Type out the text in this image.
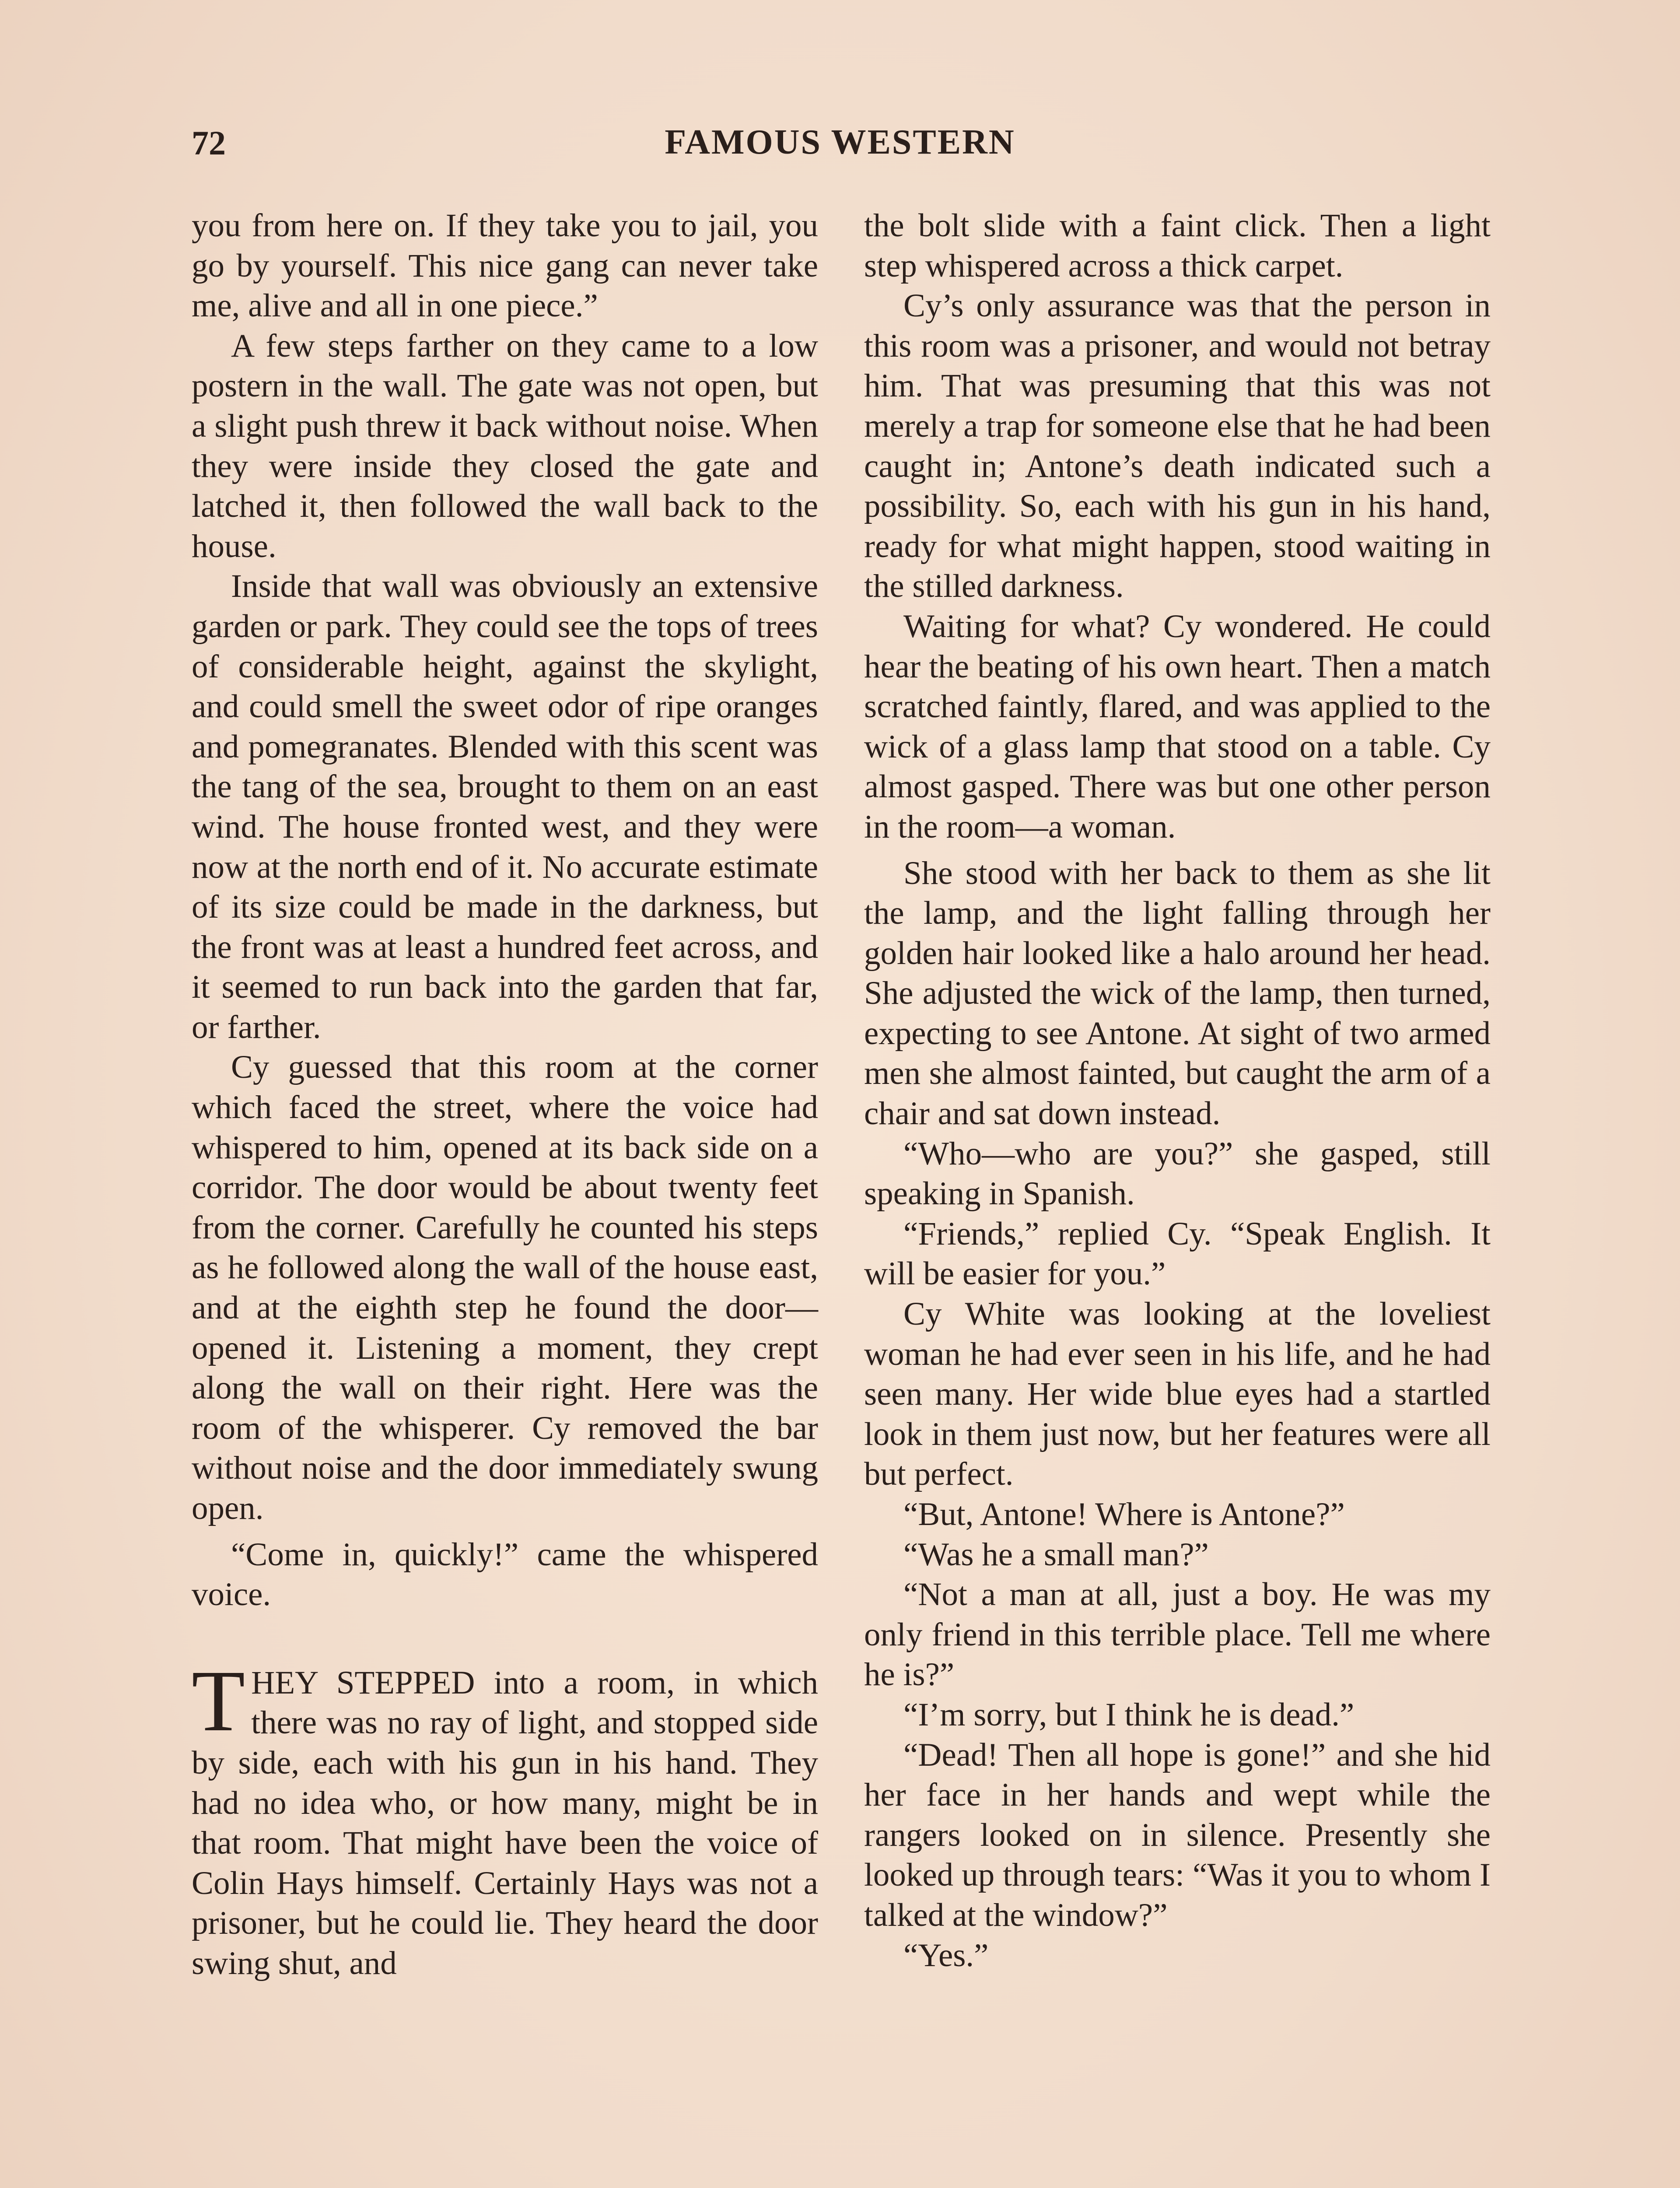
72	FAMOUS WESTERN

you from here on. If they take you to jail, you go by yourself. This nice gang can never take me, alive and all in one piece.”

A few steps farther on they came to a low postern in the wall. The gate was not open, but a slight push threw it back without noise. When they were inside they closed the gate and latched it, then followed the wall back to the house.

Inside that wall was obviously an extensive garden or park. They could see the tops of trees of considerable height, against the skylight, and could smell the sweet odor of ripe oranges and pomegranates. Blended with this scent was the tang of the sea, brought to them on an east wind. The house fronted west, and they were now at the north end of it. No accurate estimate of its size could be made in the darkness, but the front was at least a hundred feet across, and it seemed to run back into the garden that far, or farther.

Cy guessed that this room at the corner which faced the street, where the voice had whispered to him, opened at its back side on a corridor. The door would be about twenty feet from the corner. Carefully he counted his steps as he followed along the wall of the house east, and at the eighth step he found the door—opened it. Listening a moment, they crept along the wall on their right. Here was the room of the whisperer. Cy removed the bar without noise and the door immediately swung open.

“Come in, quickly!” came the whispered voice.

THEY STEPPED into a room, in which there was no ray of light, and stopped side by side, each with his gun in his hand. They had no idea who, or how many, might be in that room. That might have been the voice of Colin Hays himself. Certainly Hays was not a prisoner, but he could lie. They heard the door swing shut, and

the bolt slide with a faint click. Then a light step whispered across a thick carpet.

Cy’s only assurance was that the person in this room was a prisoner, and would not betray him. That was presuming that this was not merely a trap for someone else that he had been caught in; Antone’s death indicated such a possibility. So, each with his gun in his hand, ready for what might happen, stood waiting in the stilled darkness.

Waiting for what? Cy wondered. He could hear the beating of his own heart. Then a match scratched faintly, flared, and was applied to the wick of a glass lamp that stood on a table. Cy almost gasped. There was but one other person in the room—a woman.

She stood with her back to them as she lit the lamp, and the light falling through her golden hair looked like a halo around her head. She adjusted the wick of the lamp, then turned, expecting to see Antone. At sight of two armed men she almost fainted, but caught the arm of a chair and sat down instead.

“Who—who are you?” she gasped, still speaking in Spanish.

“Friends,” replied Cy. “Speak English. It will be easier for you.”

Cy White was looking at the loveliest woman he had ever seen in his life, and he had seen many. Her wide blue eyes had a startled look in them just now, but her features were all but perfect.

“But, Antone! Where is Antone?”

“Was he a small man?”

“Not a man at all, just a boy. He was my only friend in this terrible place. Tell me where he is?”

“I’m sorry, but I think he is dead.”

“Dead! Then all hope is gone!” and she hid her face in her hands and wept while the rangers looked on in silence. Presently she looked up through tears: “Was it you to whom I talked at the window?”

“Yes.”
